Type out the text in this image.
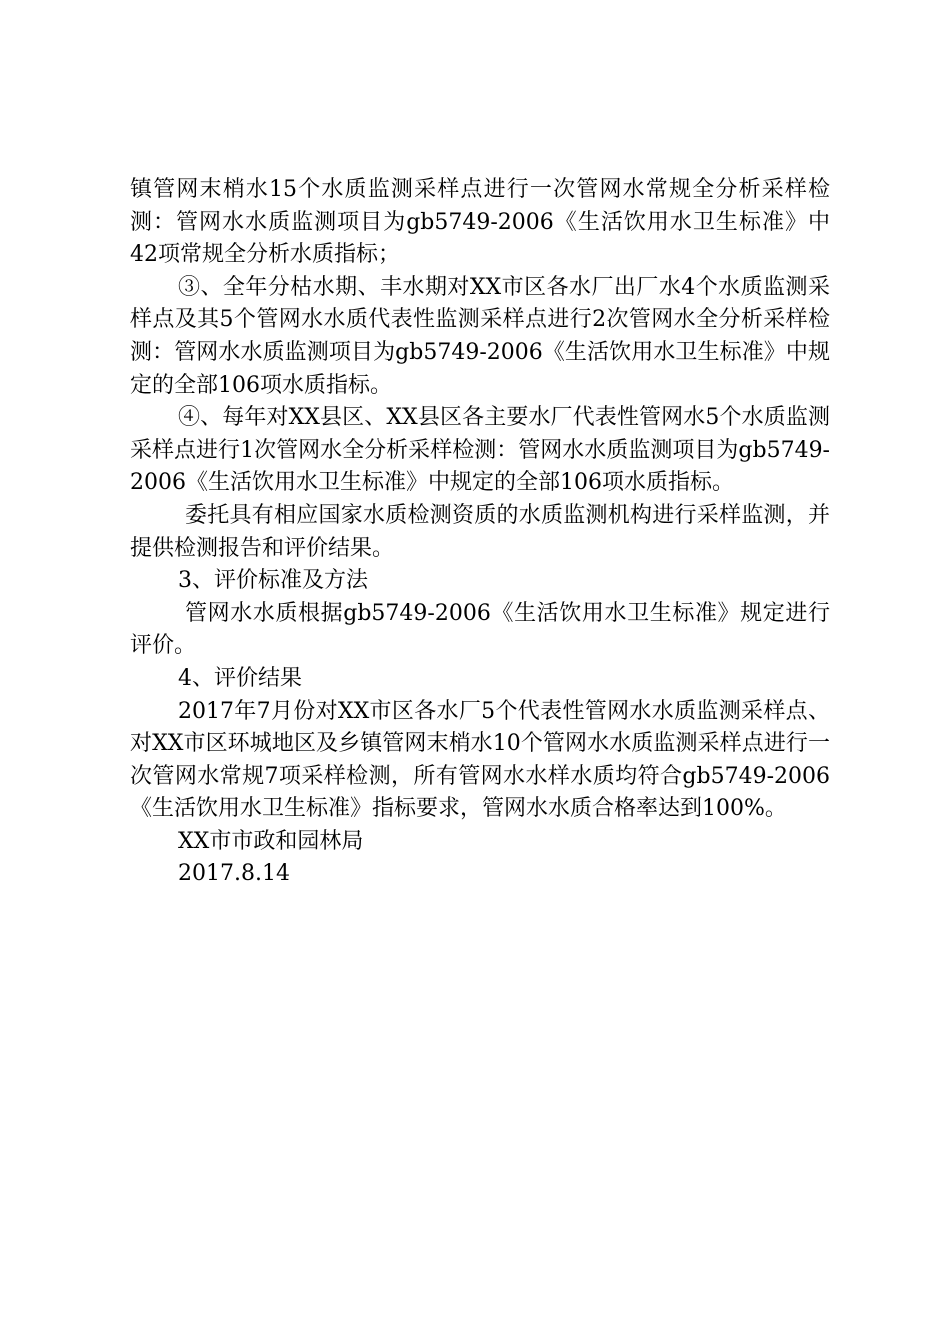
镇管网末梢水15个水质监测采样点进行一次管网水常规全分析采样检测：管网水水质监测项目为gb5749-2006《生活饮用水卫生标准》中42项常规全分析水质指标；

③、全年分枯水期、丰水期对XX市区各水厂出厂水4个水质监测采样点及其5个管网水水质代表性监测采样点进行2次管网水全分析采样检测：管网水水质监测项目为gb5749-2006《生活饮用水卫生标准》中规定的全部106项水质指标。

④、每年对XX县区、XX县区各主要水厂代表性管网水5个水质监测采样点进行1次管网水全分析采样检测：管网水水质监测项目为gb5749-2006《生活饮用水卫生标准》中规定的全部106项水质指标。

委托具有相应国家水质检测资质的水质监测机构进行采样监测，并提供检测报告和评价结果。

3、评价标准及方法

管网水水质根据gb5749-2006《生活饮用水卫生标准》规定进行评价。

4、评价结果

2017年7月份对XX市区各水厂5个代表性管网水水质监测采样点、对XX市区环城地区及乡镇管网末梢水10个管网水水质监测采样点进行一次管网水常规7项采样检测，所有管网水水样水质均符合gb5749-2006《生活饮用水卫生标准》指标要求，管网水水质合格率达到100%。

XX市市政和园林局

2017.8.14
